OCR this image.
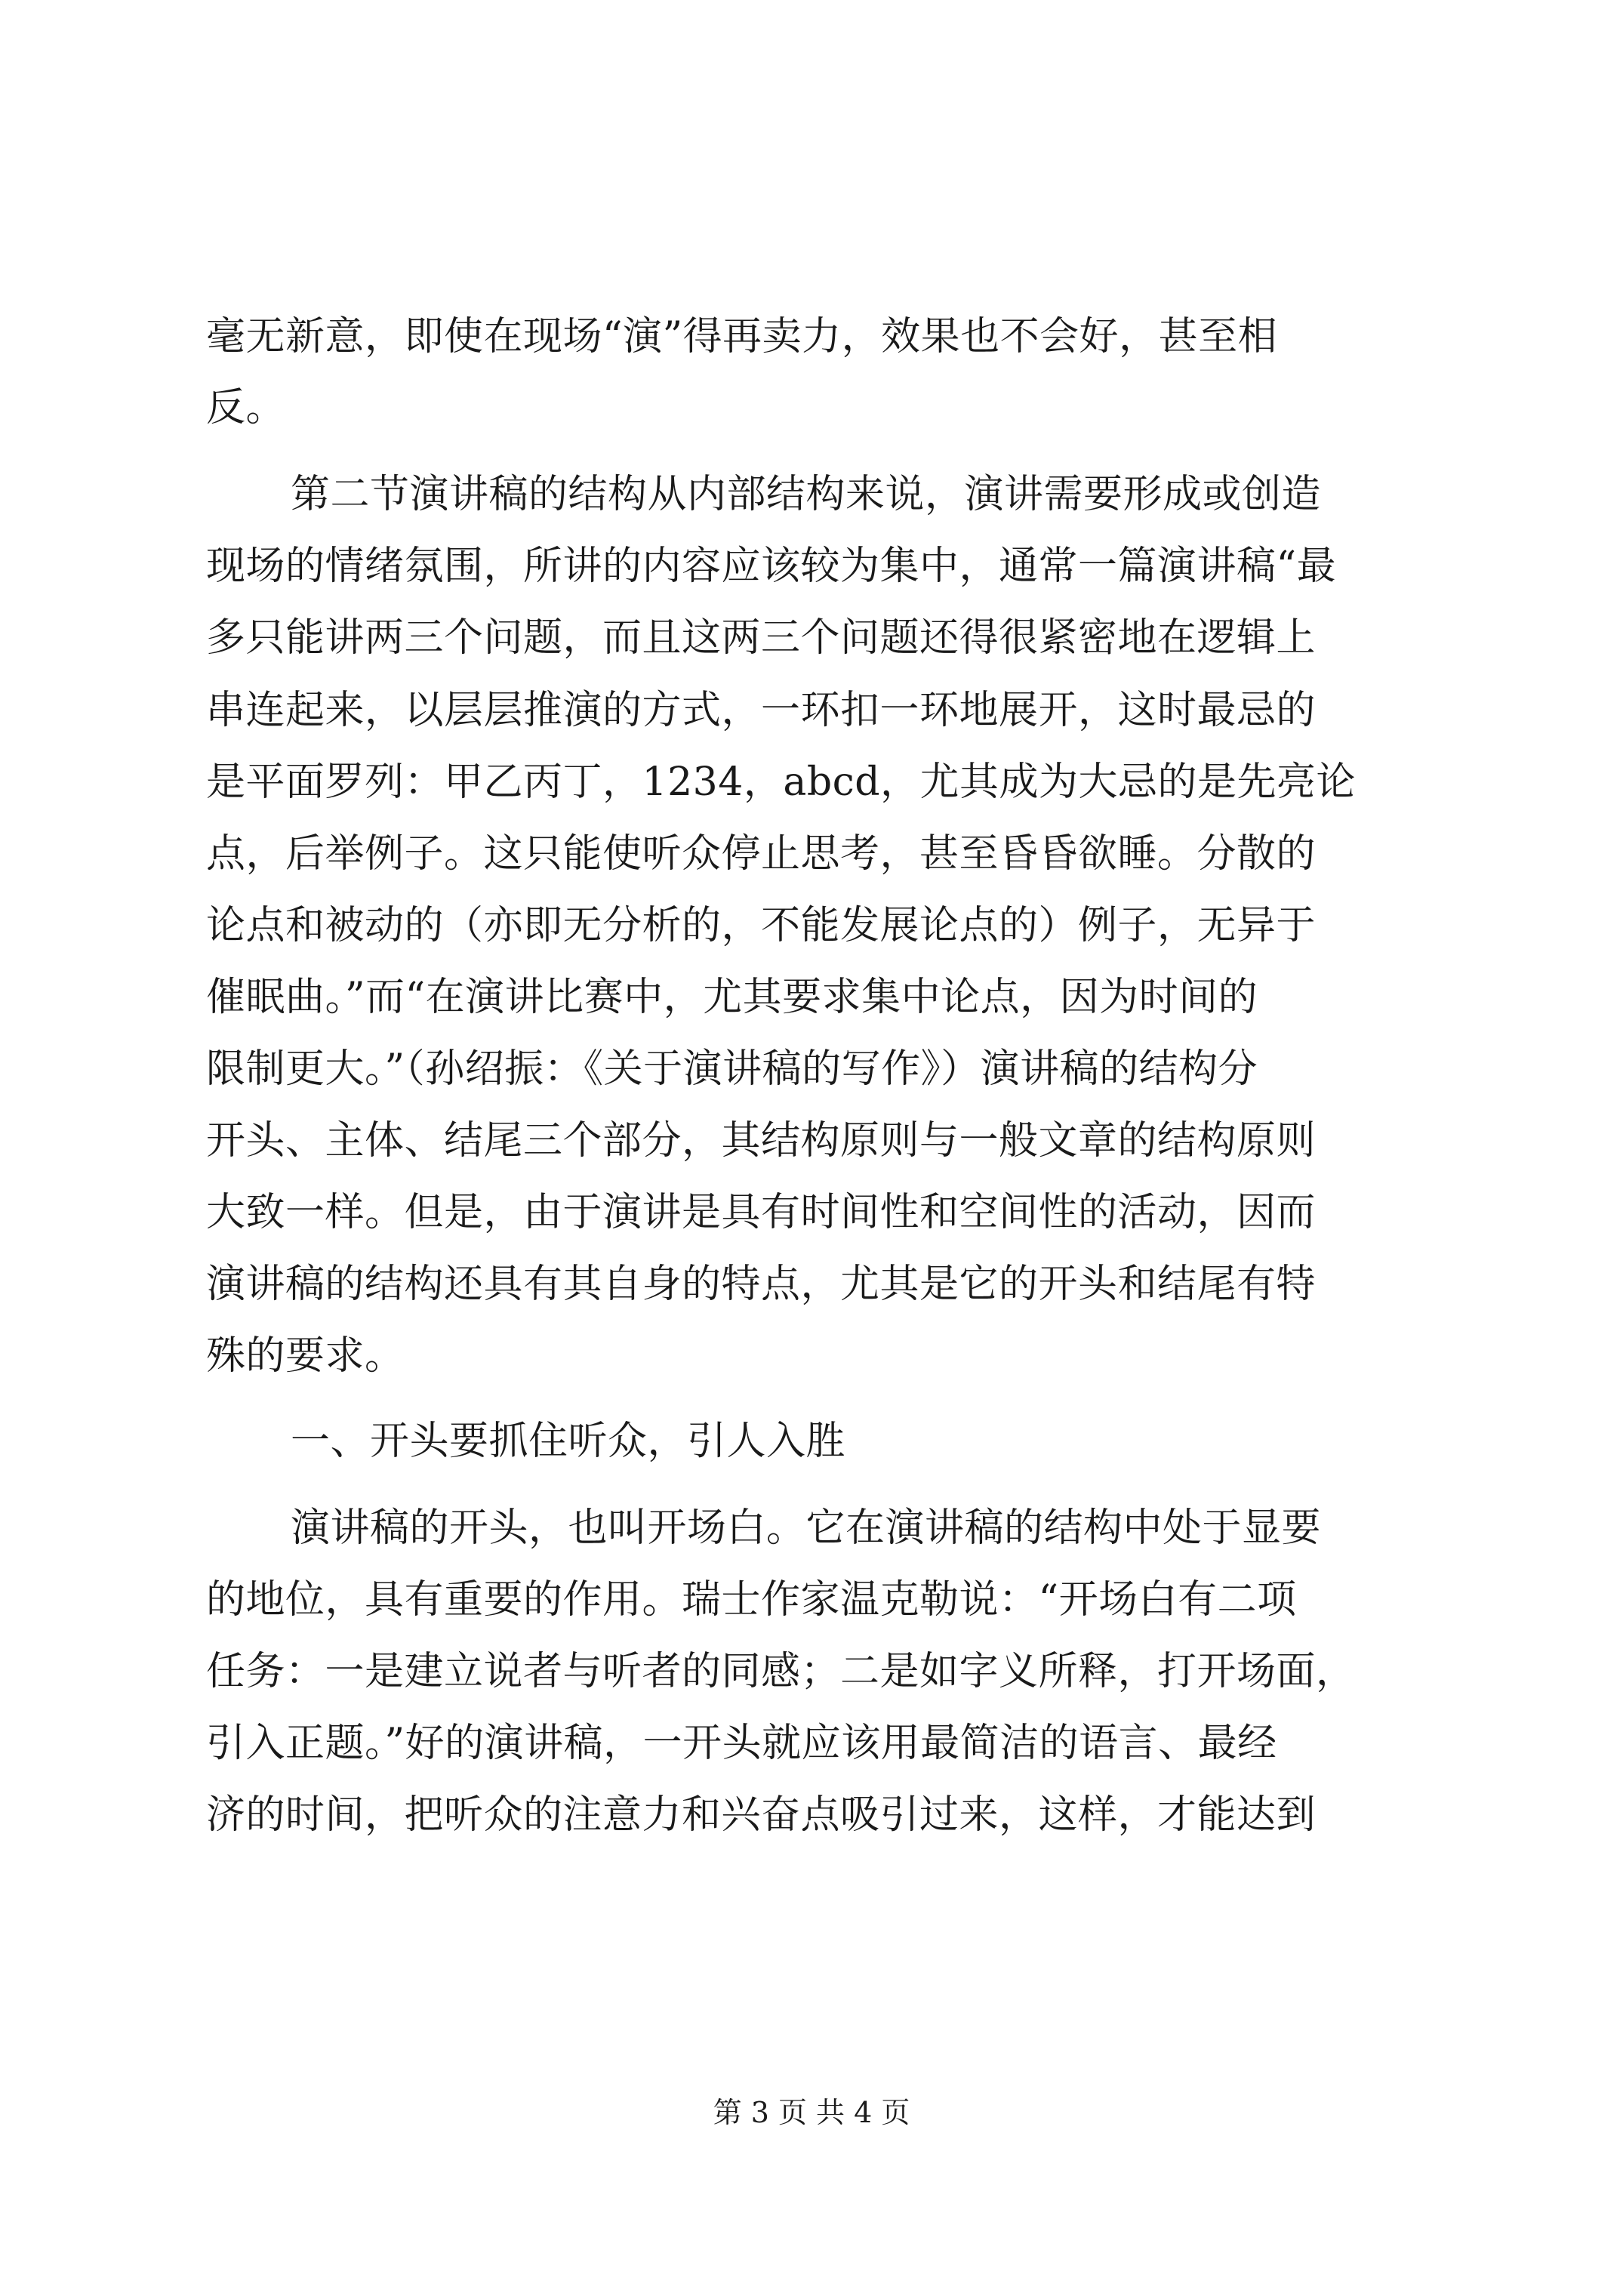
毫无新意，即使在现场“演”得再卖力，效果也不会好，甚至相
反。
第二节演讲稿的结构从内部结构来说，演讲需要形成或创造
现场的情绪氛围，所讲的内容应该较为集中，通常一篇演讲稿“最
多只能讲两三个问题，而且这两三个问题还得很紧密地在逻辑上
串连起来，以层层推演的方式，一环扣一环地展开，这时最忌的
是平面罗列：甲乙丙丁，1234，abcd，尤其成为大忌的是先亮论
点，后举例子。这只能使听众停止思考，甚至昏昏欲睡。分散的
论点和被动的（亦即无分析的，不能发展论点的）例子，无异于
催眠曲。”而“在演讲比赛中，尤其要求集中论点，因为时间的
限制更大。”（孙绍振：《关于演讲稿的写作》）演讲稿的结构分
开头、主体、结尾三个部分，其结构原则与一般文章的结构原则
大致一样。但是，由于演讲是具有时间性和空间性的活动，因而
演讲稿的结构还具有其自身的特点，尤其是它的开头和结尾有特
殊的要求。
一、开头要抓住听众，引人入胜
演讲稿的开头，也叫开场白。它在演讲稿的结构中处于显要
的地位，具有重要的作用。瑞士作家温克勒说：“开场白有二项
任务：一是建立说者与听者的同感；二是如字义所释，打开场面，
引入正题。”好的演讲稿，一开头就应该用最简洁的语言、最经
济的时间，把听众的注意力和兴奋点吸引过来，这样，才能达到
第 3 页 共 4 页
